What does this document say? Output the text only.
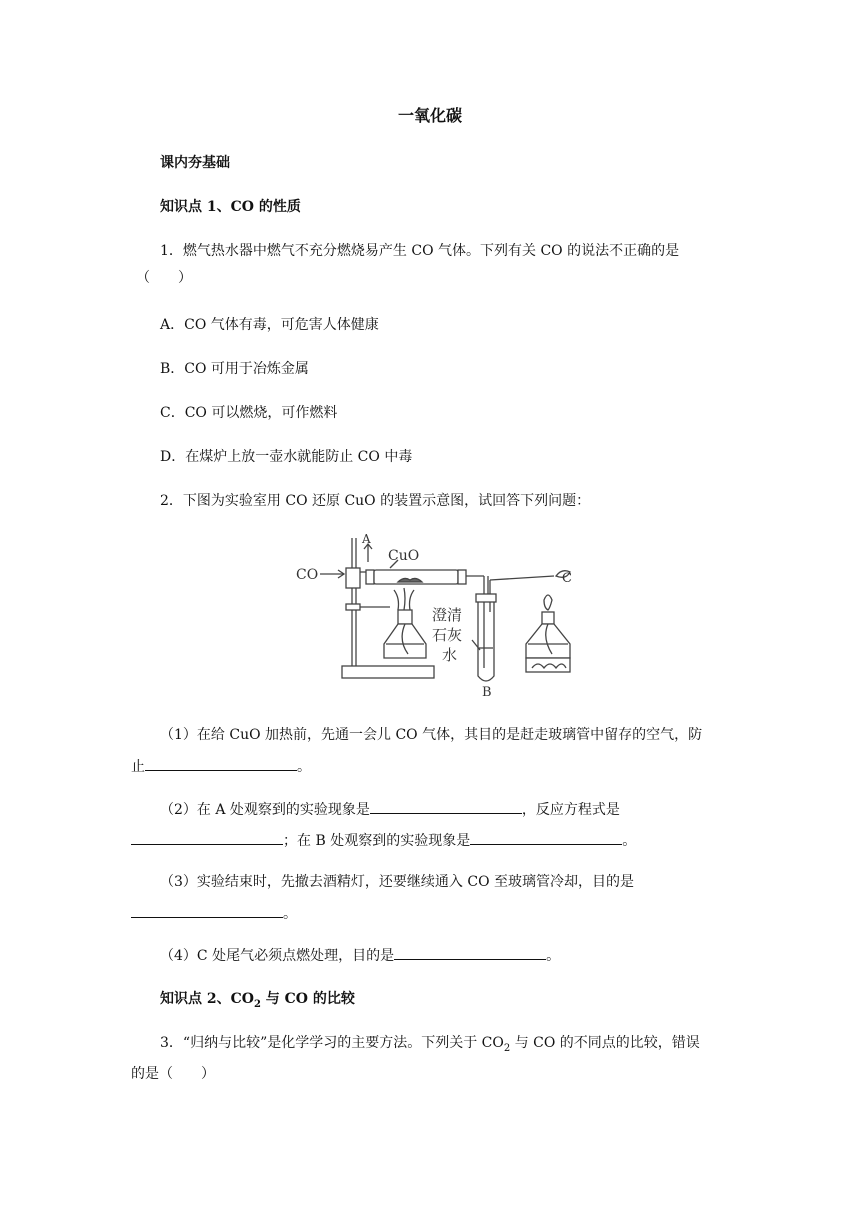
一氧化碳
课内夯基础
知识点 1、CO 的性质
1．燃气热水器中燃气不充分燃烧易产生 CO 气体。下列有关 CO 的说法不正确的是
（　　）
A．CO 气体有毒，可危害人体健康
B．CO 可用于冶炼金属
C．CO 可以燃烧，可作燃料
D．在煤炉上放一壶水就能防止 CO 中毒
2．下图为实验室用 CO 还原 CuO 的装置示意图，试回答下列问题：
CO
A
CuO
C
B
澄清
石灰
水
（1）在给 CuO 加热前，先通一会儿 CO 气体，其目的是赶走玻璃管中留存的空气，防
止	。
（2）在 A 处观察到的实验现象是	，反应方程式是
；在 B 处观察到的实验现象是	。
（3）实验结束时，先撤去酒精灯，还要继续通入 CO 至玻璃管冷却，目的是
。
（4）C 处尾气必须点燃处理，目的是	。
知识点 2、$CO_2$ 与 CO 的比较
3．“归纳与比较”是化学学习的主要方法。下列关于 $CO_2$ 与 CO 的不同点的比较，错误
的是（　　）
